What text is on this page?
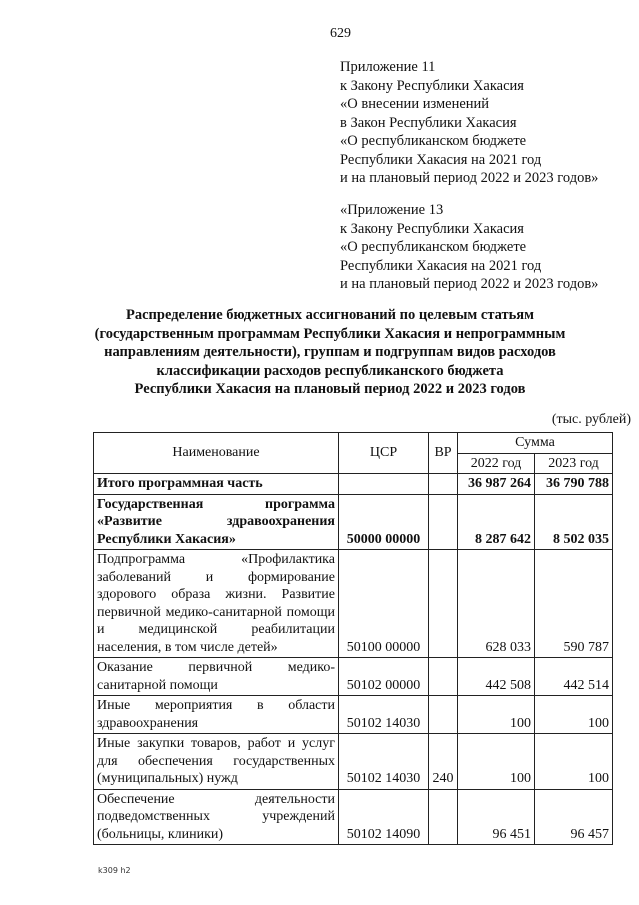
629
Приложение 11
к Закону Республики Хакасия
«О внесении изменений
в Закон Республики Хакасия
«О республиканском бюджете
Республики Хакасия на 2021 год
и на плановый период 2022 и 2023 годов»
«Приложение 13
к Закону Республики Хакасия
«О республиканском бюджете
Республики Хакасия на 2021 год
и на плановый период 2022 и 2023 годов»
Распределение бюджетных ассигнований по целевым статьям
(государственным программам Республики Хакасия и непрограммным
направлениям деятельности), группам и подгруппам видов расходов
классификации расходов республиканского бюджета
Республики Хакасия на плановый период 2022 и 2023 годов
(тыс. рублей)
Наименование	ЦСР	ВР	Сумма	
			2022 год	2023 год
Итого программная часть			36 987 264	36 790 788
Государственная программа «Развитие здравоохранения Республики Хакасия»	50000 00000		8 287 642	8 502 035
Подпрограмма «Профилактика заболеваний и формирование здорового образа жизни. Развитие первичной медико-санитарной помощи и медицинской реабилитации населения, в том числе детей»	50100 00000		628 033	590 787
Оказание первичной медико-санитарной помощи	50102 00000		442 508	442 514
Иные мероприятия в области здравоохранения	50102 14030		100	100
Иные закупки товаров, работ и услуг для обеспечения государственных (муниципальных) нужд	50102 14030	240	100	100
Обеспечение деятельности подведомственных учреждений (больницы, клиники)	50102 14090		96 451	96 457
k309 h2
